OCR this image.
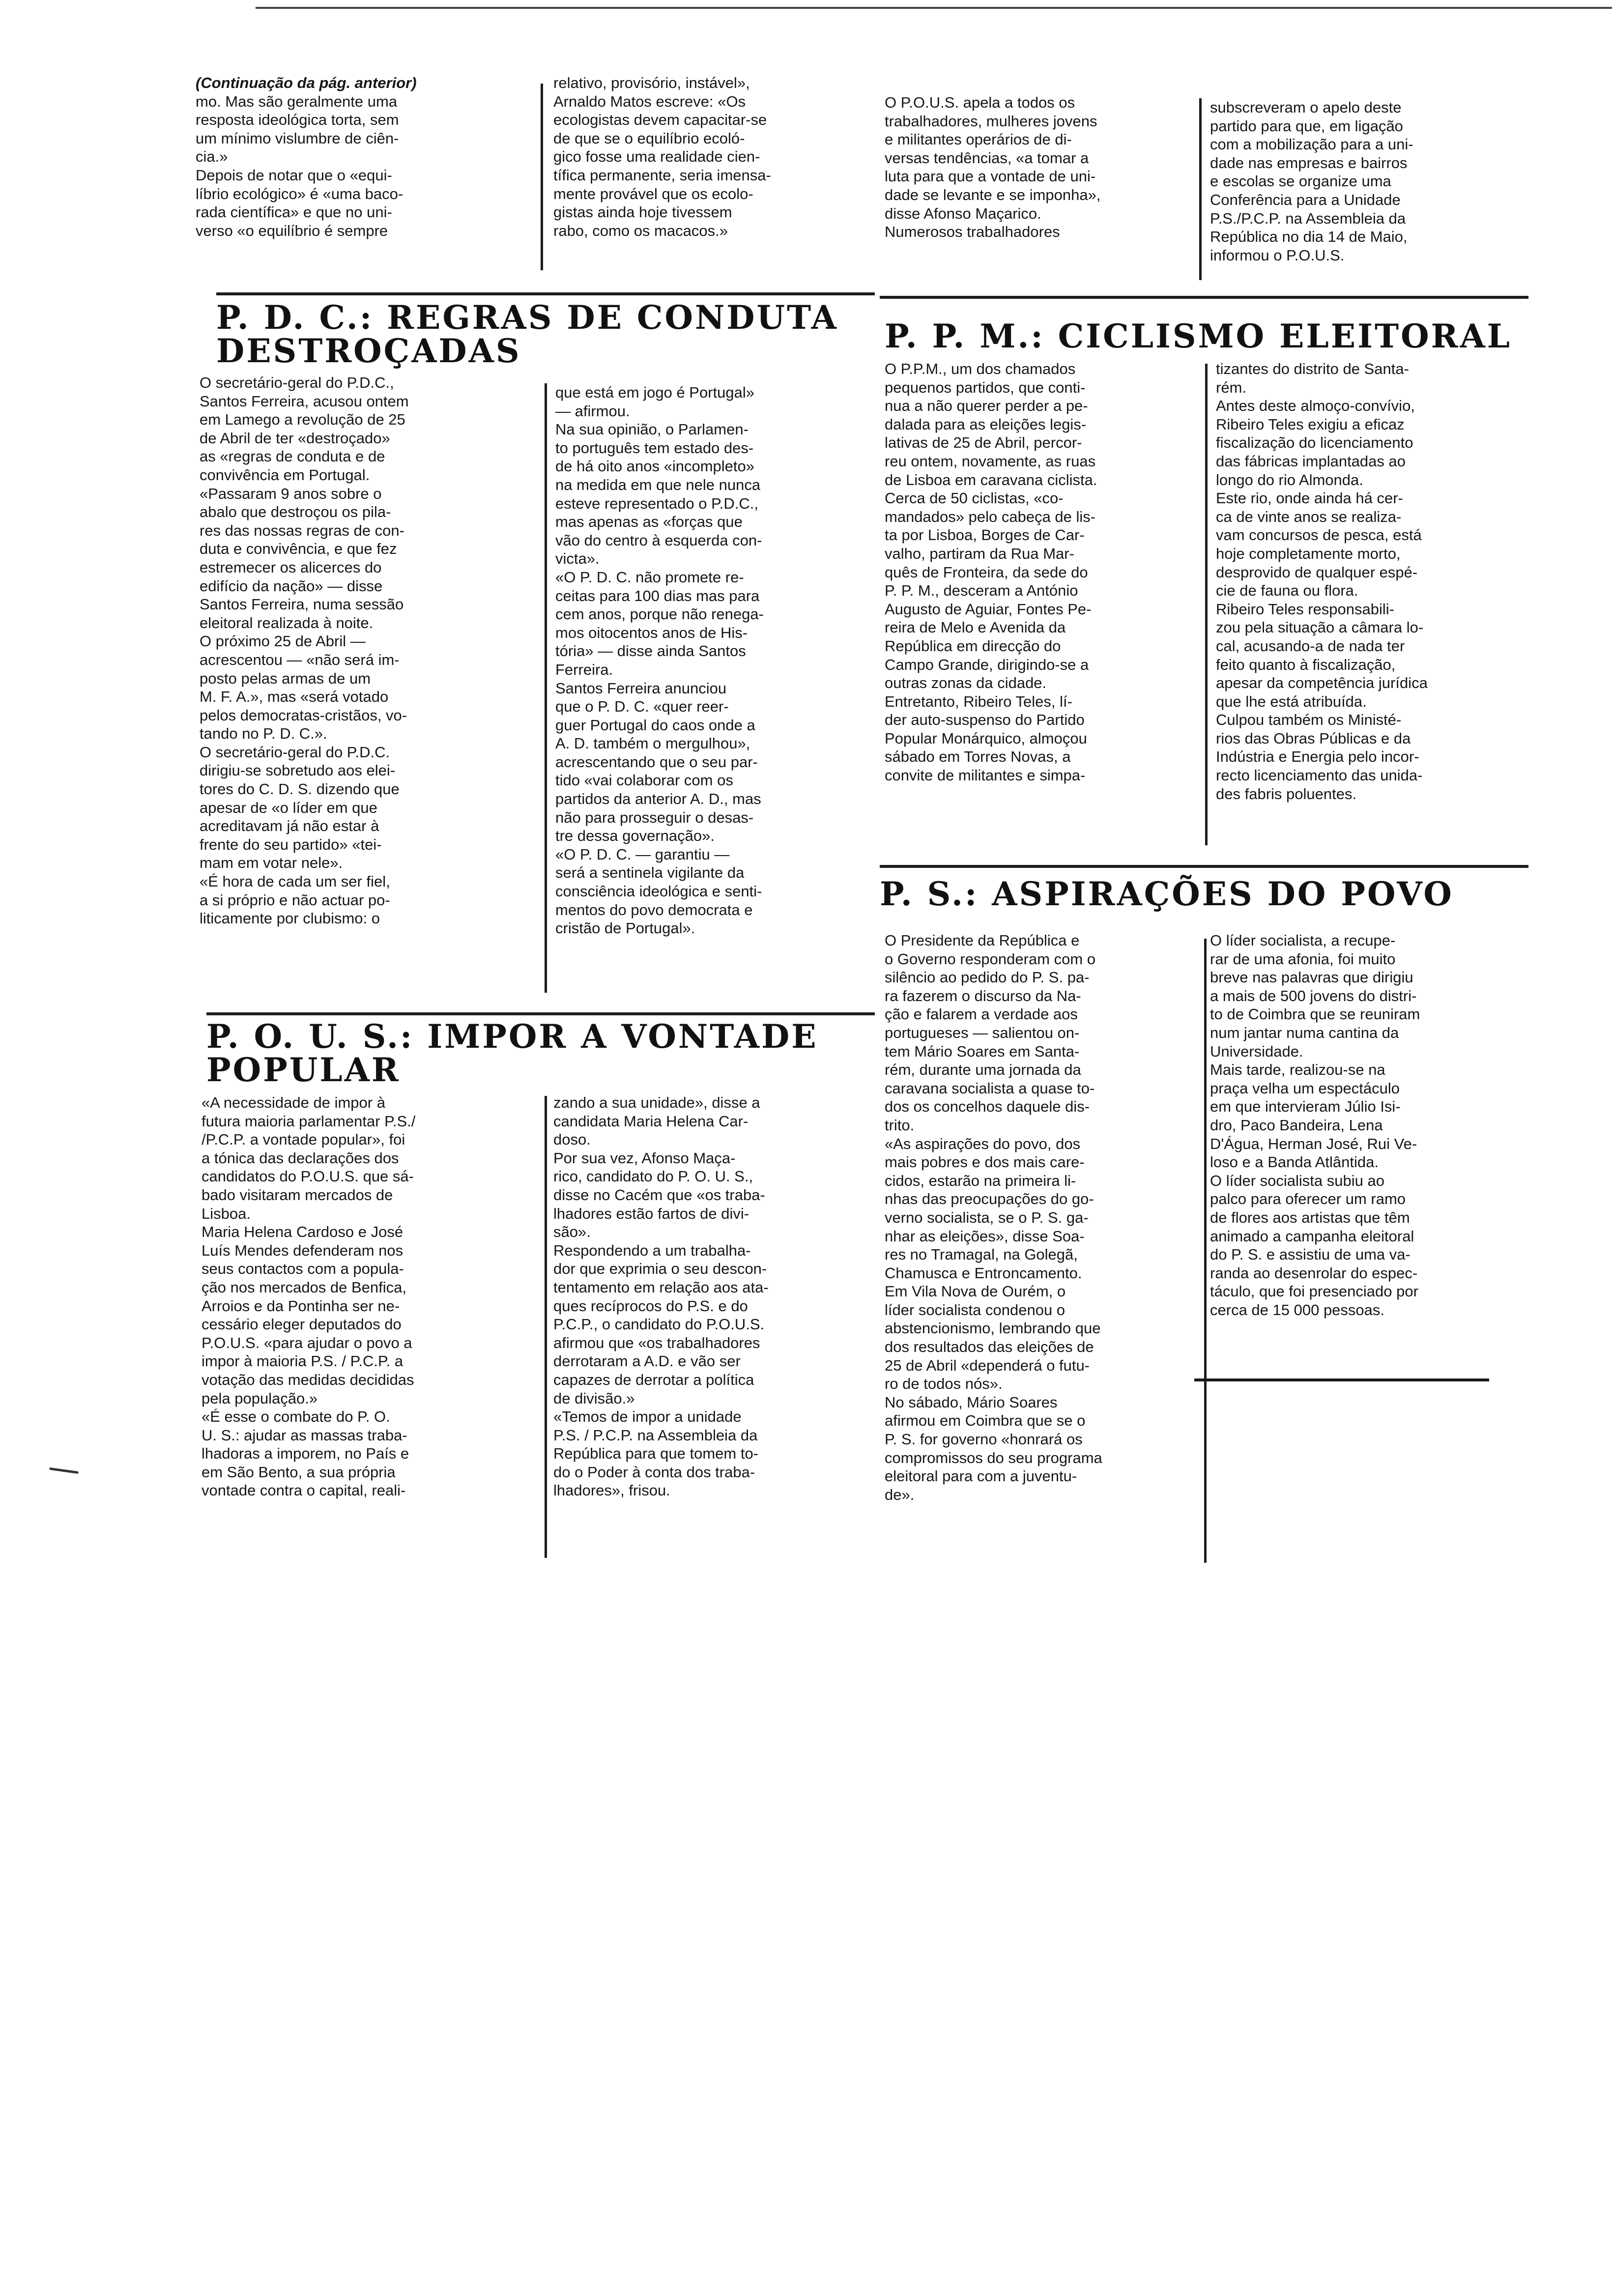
(Continuação da pág. anterior)

mo. Mas são geralmente uma
resposta ideológica torta, sem
um mínimo vislumbre de ciên-
cia.»
Depois de notar que o «equi-
líbrio ecológico» é «uma baco-
rada científica» e que no uni-
verso «o equilíbrio é sempre

relativo, provisório, instável»,
Arnaldo Matos escreve: «Os
ecologistas devem capacitar-se
de que se o equilíbrio ecoló-
gico fosse uma realidade cien-
tífica permanente, seria imensa-
mente provável que os ecolo-
gistas ainda hoje tivessem
rabo, como os macacos.»

O P.O.U.S. apela a todos os
trabalhadores, mulheres jovens
e militantes operários de di-
versas tendências, «a tomar a
luta para que a vontade de uni-
dade se levante e se imponha»,
disse Afonso Maçarico.
Numerosos trabalhadores

subscreveram o apelo deste
partido para que, em ligação
com a mobilização para a uni-
dade nas empresas e bairros
e escolas se organize uma
Conferência para a Unidade
P.S./P.C.P. na Assembleia da
República no dia 14 de Maio,
informou o P.O.U.S.

P. D. C.: REGRAS DE CONDUTA
DESTROÇADAS

O secretário-geral do P.D.C.,
Santos Ferreira, acusou ontem
em Lamego a revolução de 25
de Abril de ter «destroçado»
as «regras de conduta e de
convivência em Portugal.
«Passaram 9 anos sobre o
abalo que destroçou os pila-
res das nossas regras de con-
duta e convivência, e que fez
estremecer os alicerces do
edifício da nação» — disse
Santos Ferreira, numa sessão
eleitoral realizada à noite.
O próximo 25 de Abril —
acrescentou — «não será im-
posto pelas armas de um
M. F. A.», mas «será votado
pelos democratas-cristãos, vo-
tando no P. D. C.».
O secretário-geral do P.D.C.
dirigiu-se sobretudo aos elei-
tores do C. D. S. dizendo que
apesar de «o líder em que
acreditavam já não estar à
frente do seu partido» «tei-
mam em votar nele».
«É hora de cada um ser fiel,
a si próprio e não actuar po-
liticamente por clubismo: o

que está em jogo é Portugal»
— afirmou.
Na sua opinião, o Parlamen-
to português tem estado des-
de há oito anos «incompleto»
na medida em que nele nunca
esteve representado o P.D.C.,
mas apenas as «forças que
vão do centro à esquerda con-
victa».
«O P. D. C. não promete re-
ceitas para 100 dias mas para
cem anos, porque não renega-
mos oitocentos anos de His-
tória» — disse ainda Santos
Ferreira.
Santos Ferreira anunciou
que o P. D. C. «quer reer-
guer Portugal do caos onde a
A. D. também o mergulhou»,
acrescentando que o seu par-
tido «vai colaborar com os
partidos da anterior A. D., mas
não para prosseguir o desas-
tre dessa governação».
«O P. D. C. — garantiu —
será a sentinela vigilante da
consciência ideológica e senti-
mentos do povo democrata e
cristão de Portugal».

P. P. M.: CICLISMO ELEITORAL

O P.P.M., um dos chamados
pequenos partidos, que conti-
nua a não querer perder a pe-
dalada para as eleições legis-
lativas de 25 de Abril, percor-
reu ontem, novamente, as ruas
de Lisboa em caravana ciclista.
Cerca de 50 ciclistas, «co-
mandados» pelo cabeça de lis-
ta por Lisboa, Borges de Car-
valho, partiram da Rua Mar-
quês de Fronteira, da sede do
P. P. M., desceram a António
Augusto de Aguiar, Fontes Pe-
reira de Melo e Avenida da
República em direcção do
Campo Grande, dirigindo-se a
outras zonas da cidade.
Entretanto, Ribeiro Teles, lí-
der auto-suspenso do Partido
Popular Monárquico, almoçou
sábado em Torres Novas, a
convite de militantes e simpa-

tizantes do distrito de Santa-
rém.
Antes deste almoço-convívio,
Ribeiro Teles exigiu a eficaz
fiscalização do licenciamento
das fábricas implantadas ao
longo do rio Almonda.
Este rio, onde ainda há cer-
ca de vinte anos se realiza-
vam concursos de pesca, está
hoje completamente morto,
desprovido de qualquer espé-
cie de fauna ou flora.
Ribeiro Teles responsabili-
zou pela situação a câmara lo-
cal, acusando-a de nada ter
feito quanto à fiscalização,
apesar da competência jurídica
que lhe está atribuída.
Culpou também os Ministé-
rios das Obras Públicas e da
Indústria e Energia pelo incor-
recto licenciamento das unida-
des fabris poluentes.

P. S.: ASPIRAÇÕES DO POVO

O Presidente da República e
o Governo responderam com o
silêncio ao pedido do P. S. pa-
ra fazerem o discurso da Na-
ção e falarem a verdade aos
portugueses — salientou on-
tem Mário Soares em Santa-
rém, durante uma jornada da
caravana socialista a quase to-
dos os concelhos daquele dis-
trito.
«As aspirações do povo, dos
mais pobres e dos mais care-
cidos, estarão na primeira li-
nhas das preocupações do go-
verno socialista, se o P. S. ga-
nhar as eleições», disse Soa-
res no Tramagal, na Golegã,
Chamusca e Entroncamento.
Em Vila Nova de Ourém, o
líder socialista condenou o
abstencionismo, lembrando que
dos resultados das eleições de
25 de Abril «dependerá o futu-
ro de todos nós».
No sábado, Mário Soares
afirmou em Coimbra que se o
P. S. for governo «honrará os
compromissos do seu programa
eleitoral para com a juventu-
de».

O líder socialista, a recupe-
rar de uma afonia, foi muito
breve nas palavras que dirigiu
a mais de 500 jovens do distri-
to de Coimbra que se reuniram
num jantar numa cantina da
Universidade.
Mais tarde, realizou-se na
praça velha um espectáculo
em que intervieram Júlio Isi-
dro, Paco Bandeira, Lena
D'Água, Herman José, Rui Ve-
loso e a Banda Atlântida.
O líder socialista subiu ao
palco para oferecer um ramo
de flores aos artistas que têm
animado a campanha eleitoral
do P. S. e assistiu de uma va-
randa ao desenrolar do espec-
táculo, que foi presenciado por
cerca de 15 000 pessoas.

P. O. U. S.: IMPOR A VONTADE
POPULAR

«A necessidade de impor à
futura maioria parlamentar P.S./
/P.C.P. a vontade popular», foi
a tónica das declarações dos
candidatos do P.O.U.S. que sá-
bado visitaram mercados de
Lisboa.
Maria Helena Cardoso e José
Luís Mendes defenderam nos
seus contactos com a popula-
ção nos mercados de Benfica,
Arroios e da Pontinha ser ne-
cessário eleger deputados do
P.O.U.S. «para ajudar o povo a
impor à maioria P.S. / P.C.P. a
votação das medidas decididas
pela população.»
«É esse o combate do P. O.
U. S.: ajudar as massas traba-
lhadoras a imporem, no País e
em São Bento, a sua própria
vontade contra o capital, reali-

zando a sua unidade», disse a
candidata Maria Helena Car-
doso.
Por sua vez, Afonso Maça-
rico, candidato do P. O. U. S.,
disse no Cacém que «os traba-
lhadores estão fartos de divi-
são».
Respondendo a um trabalha-
dor que exprimia o seu descon-
tentamento em relação aos ata-
ques recíprocos do P.S. e do
P.C.P., o candidato do P.O.U.S.
afirmou que «os trabalhadores
derrotaram a A.D. e vão ser
capazes de derrotar a política
de divisão.»
«Temos de impor a unidade
P.S. / P.C.P. na Assembleia da
República para que tomem to-
do o Poder à conta dos traba-
lhadores», frisou.
